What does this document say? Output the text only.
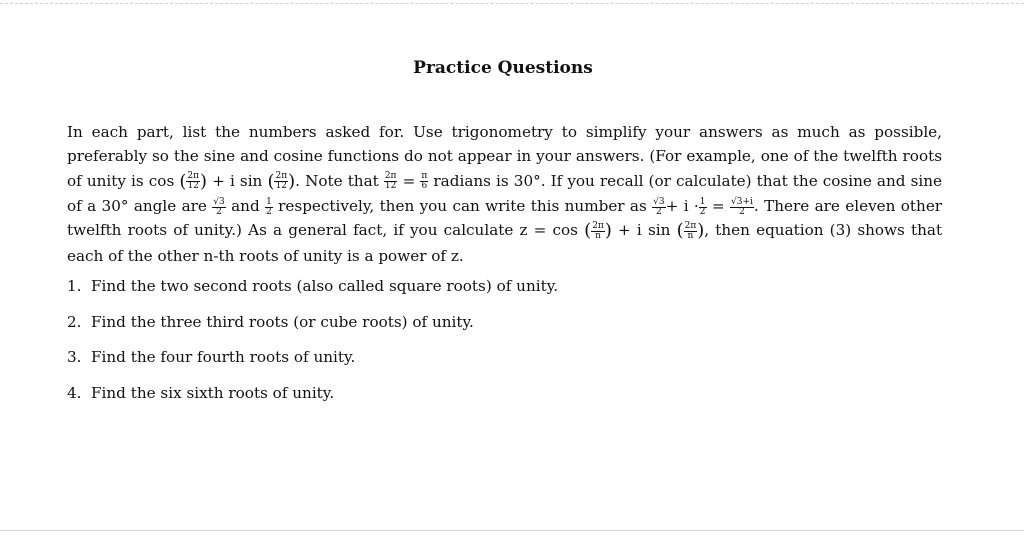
Practice Questions
In each part, list the numbers asked for. Use trigonometry to simplify your answers as much as possible, preferably so the sine and cosine functions do not appear in your answers. (For example, one of the twelfth roots of unity is cos ( $\frac{2\pi}{12}$ ) + i sin ( $\frac{2\pi}{12}$ ). Note that $\frac{2\pi}{12} = \frac{\pi}{6}$ radians is 30°. If you recall (or calculate) that the cosine and sine of a 30° angle are $\frac{√3}{2}$ and $\frac{1}{2}$ respectively, then you can write this number as $\frac{√3}{2} + i \cdot \frac{1}{2} = \frac{√3+i}{2}$ . There are eleven other twelfth roots of unity.) As a general fact, if you calculate z = cos ( $\frac{2\pi}{n}$ ) + i sin ( $\frac{2\pi}{n}$ ), then equation (3) shows that each of the other n-th roots of unity is a power of z.
1. Find the two second roots (also called square roots) of unity.
2. Find the three third roots (or cube roots) of unity.
3. Find the four fourth roots of unity.
4. Find the six sixth roots of unity.
